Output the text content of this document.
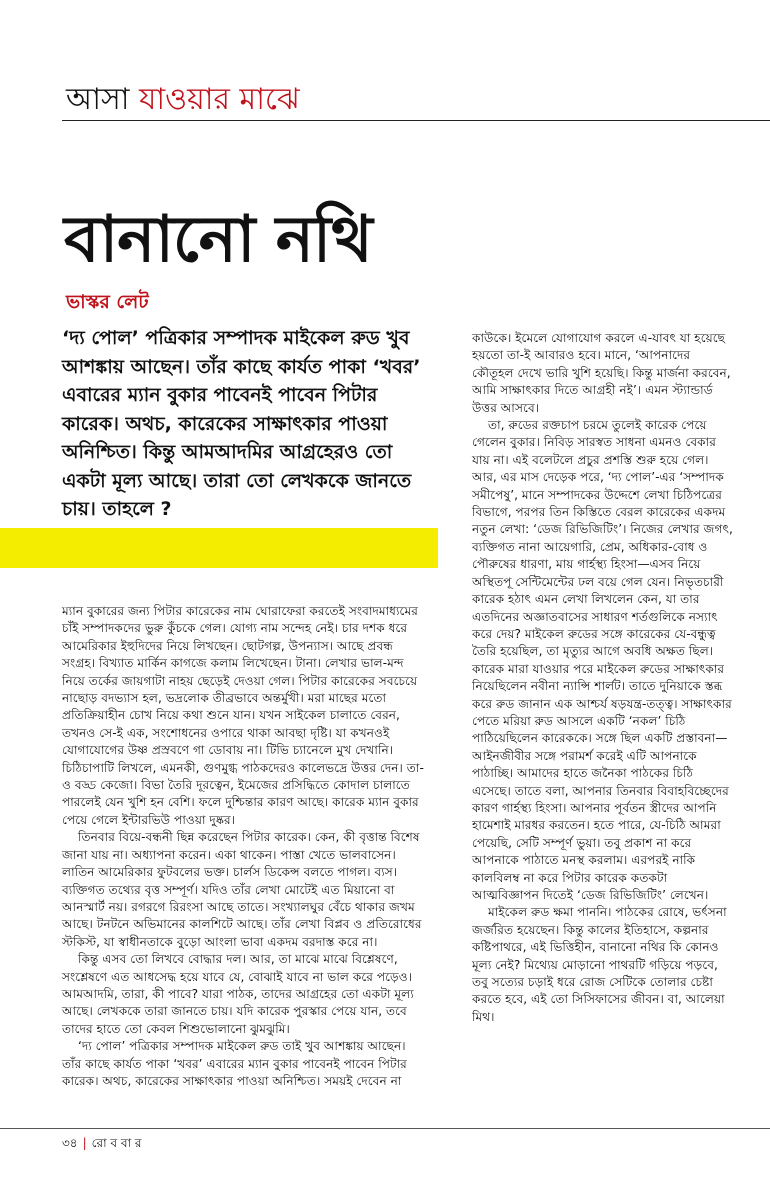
আসা যাওয়ার মাঝে
বানানো নথি
ভাস্কর লেট

‘দ্য পোল’ পত্রিকার সম্পাদক মাইকেল রুড খুব আশঙ্কায় আছেন। তাঁর কাছে কার্যত পাকা ‘খবর’ এবারের ম্যান বুকার পাবেনই পাবেন পিটার কারেক। অথচ, কারেকের সাক্ষাৎকার পাওয়া অনিশ্চিত। কিন্তু আমআদমির আগ্রহেরও তো একটা মূল্য আছে। তারা তো লেখককে জানতে চায়। তাহলে ?

ম্যান বুকারের জন্য পিটার কারেকের নাম ঘোরাফেরা করতেই সংবাদমাধ্যমের চাঁই সম্পাদকদের ভুরু কুঁচকে গেল। যোগ্য নাম সন্দেহ নেই। চার দশক ধরে আমেরিকার ইহুদিদের নিয়ে লিখছেন। ছোটগল্প, উপন্যাস। আছে প্রবন্ধ সংগ্রহ। বিখ্যাত মার্কিন কাগজে কলাম লিখেছেন। টানা। লেখার ভাল-মন্দ নিয়ে তর্কের জায়গাটা নাহয় ছেড়েই দেওয়া গেল। পিটার কারেকের সবচেয়ে নাছোড় বদভ্যাস হল, ভদ্রলোক তীব্রভাবে অন্তর্মুখী। মরা মাছের মতো প্রতিক্রিয়াহীন চোখ নিয়ে কথা শুনে যান। যখন সাইকেল চালাতে বেরন, তখনও সে-ই এক, সংশোধনের ওপারে থাকা আবছা দৃষ্টি। যা কখনওই যোগাযোগের উষ্ণ প্রস্রবণে গা ডোবায় না। টিভি চ্যানেলে মুখ দেখানি। চিঠিচাপাটি লিখলে, এমনকী, গুণমুগ্ধ পাঠকদেরও কালেভদ্রে উত্তর দেন। তা-ও বড্ড কেজো। বিভা তৈরি দূরত্বেন, ইমেজের প্রসিদ্ধিতে কোদাল চালাতে পারলেই যেন খুশি হন বেশি। ফলে দুশ্চিন্তার কারণ আছে। কারেক ম্যান বুকার পেয়ে গেলে ইন্টারভিউ পাওয়া দুষ্কর।

তিনবার বিয়ে-বন্ধনী ছিন্ন করেছেন পিটার কারেক। কেন, কী বৃত্তান্ত বিশেষ জানা যায় না। অধ্যাপনা করেন। একা থাকেন। পাস্তা খেতে ভালবাসেন। লাতিন আমেরিকার ফুটবলের ভক্ত। চার্লস ডিকেন্স বলতে পাগল। ব্যস। ব্যক্তিগত তথ্যের বৃত্ত সম্পূর্ণ। যদিও তাঁর লেখা মোটেই এত মিয়ানো বা আনস্মার্ট নয়। রগরগে রিরংসা আছে তাতে। সংখ্যালঘুর বেঁচে থাকার জখম আছে। টনটনে অভিমানের কালশিটে আছে। তাঁর লেখা বিপ্লব ও প্রতিরোধের স্টকিস্ট, যা স্বাধীনতাকে বুড়ো আংলা ভাবা একদম বরদাস্ত করে না।

কিন্তু এসব তো লিখবে বোদ্ধার দল। আর, তা মাঝে মাঝে বিশ্লেষণে, সংশ্লেষণে এত আধসেদ্ধ হয়ে যাবে যে, বোঝাই যাবে না ভাল করে পড়েও। আমআদমি, তারা, কী পাবে? যারা পাঠক, তাদের আগ্রহের তো একটা মূল্য আছে। লেখককে তারা জানতে চায়। যদি কারেক পুরস্কার পেয়ে যান, তবে তাদের হাতে তো কেবল শিশুভোলানো ঝুমঝুমি।

‘দ্য পোল’ পত্রিকার সম্পাদক মাইকেল রুড তাই খুব আশঙ্কায় আছেন। তাঁর কাছে কার্যত পাকা ‘খবর’ এবারের ম্যান বুকার পাবেনই পাবেন পিটার কারেক। অথচ, কারেকের সাক্ষাৎকার পাওয়া অনিশ্চিত। সময়ই দেবেন না

কাউকে। ইমেলে যোগাযোগ করলে এ-যাবৎ যা হয়েছে হয়তো তা-ই আবারও হবে। মানে, ‘আপনাদের কৌতূহল দেখে ভারি খুশি হয়েছি। কিন্তু মার্জনা করবেন, আমি সাক্ষাৎকার দিতে আগ্রহী নই’। এমন স্ট্যান্ডার্ড উত্তর আসবে।

তা, রুডের রক্তচাপ চরমে তুলেই কারেক পেয়ে গেলেন বুকার। নিবিড় সারস্বত সাধনা এমনও বেকার যায় না। এই বলেটলে প্রচুর প্রশস্তি শুরু হয়ে গেল। আর, এর মাস দেড়েক পরে, ‘দ্য পোল’-এর ‘সম্পাদক সমীপেষু’, মানে সম্পাদকের উদ্দেশে লেখা চিঠিপত্রের বিভাগে, পরপর তিন কিস্তিতে বেরল কারেকের একদম নতুন লেখা: ‘ডেজ রিভিজিটিং’। নিজের লেখার জগৎ, ব্যক্তিগত নানা আয়েগারি, প্রেম, অধিকার-বোধ ও পৌরুষের ধারণা, মায় গার্হস্থ্য হিংসা—এসব নিয়ে অস্থিতপূ সেন্টিমেন্টের ঢল বয়ে গেল যেন। নিভৃতচারী কারেক হঠাৎ এমন লেখা লিখলেন কেন, যা তার এতদিনের অজ্ঞাতবাসের সাধারণ শর্তগুলিকে নস্যাৎ করে দেয়? মাইকেল রুডের সঙ্গে কারেকের যে-বন্ধুত্ব তৈরি হয়েছিল, তা মৃত্যুর আগে অবধি অক্ষত ছিল। কারেক মারা যাওয়ার পরে মাইকেল রুডের সাক্ষাৎকার নিয়েছিলেন নবীনা ন্যান্সি শার্লট। তাতে দুনিয়াকে স্তব্ধ করে রুড জানান এক আশ্চর্য ষড়যন্ত্র-তত্ত্ব। সাক্ষাৎকার পেতে মরিয়া রুড আসলে একটি ‘নকল’ চিঠি পাঠিয়েছিলেন কারেককে। সঙ্গে ছিল একটি প্রস্তাবনা— আইনজীবীর সঙ্গে পরামর্শ করেই এটি আপনাকে পাঠাচ্ছি। আমাদের হাতে জনৈকা পাঠকের চিঠি এসেছে। তাতে বলা, আপনার তিনবার বিবাহবিচ্ছেদের কারণ গার্হস্থ্য হিংসা। আপনার পূর্বতন স্ত্রীদের আপনি হামেশাই মারধর করতেন। হতে পারে, যে-চিঠি আমরা পেয়েছি, সেটি সম্পূর্ণ ভুয়া। তবু প্রকাশ না করে আপনাকে পাঠাতে মনস্থ করলাম। এরপরই নাকি কালবিলম্ব না করে পিটার কারেক কতকটা আত্মবিজ্ঞাপন দিতেই ‘ডেজ রিভিজিটিং’ লেখেন।

মাইকেল রুড ক্ষমা পাননি। পাঠকের রোষে, ভর্ৎসনা জর্জরিত হয়েছেন। কিন্তু কালের ইতিহাসে, কল্পনার কষ্টিপাথরে, এই ভিত্তিহীন, বানানো নথির কি কোনও মূল্য নেই? মিথ্যেয় মোড়ানো পাথরটি গড়িয়ে পড়বে, তবু সত্যের চড়াই ধরে রোজ সেটিকে তোলার চেষ্টা করতে হবে, এই তো সিসিফাসের জীবন। বা, আলেয়া মিথ।

৩৪ | রো ব বা র
